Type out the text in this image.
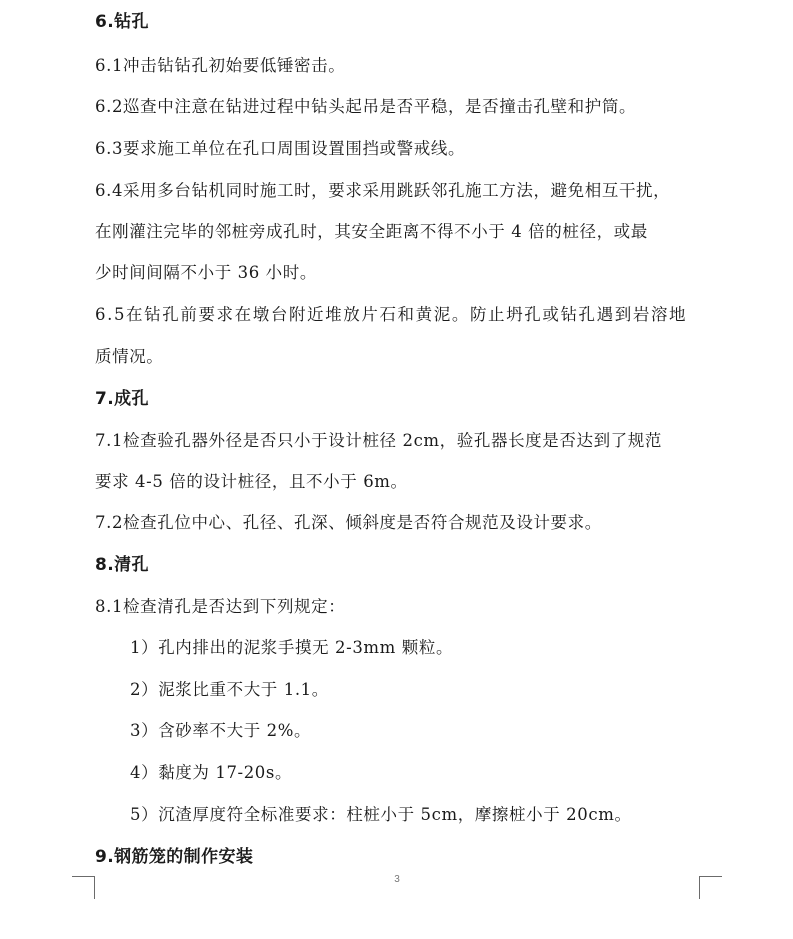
6.钻孔
6.1冲击钻钻孔初始要低锤密击。
6.2巡查中注意在钻进过程中钻头起吊是否平稳，是否撞击孔壁和护筒。
6.3要求施工单位在孔口周围设置围挡或警戒线。
6.4采用多台钻机同时施工时，要求采用跳跃邻孔施工方法，避免相互干扰，
在刚灌注完毕的邻桩旁成孔时，其安全距离不得不小于 4 倍的桩径，或最
少时间间隔不小于 36 小时。
6.5在钻孔前要求在墩台附近堆放片石和黄泥。防止坍孔或钻孔遇到岩溶地
质情况。
7.成孔
7.1检查验孔器外径是否只小于设计桩径 2cm，验孔器长度是否达到了规范
要求 4-5 倍的设计桩径，且不小于 6m。
7.2检查孔位中心、孔径、孔深、倾斜度是否符合规范及设计要求。
8.清孔
8.1检查清孔是否达到下列规定：
1）孔内排出的泥浆手摸无 2-3mm 颗粒。
2）泥浆比重不大于 1.1。
3）含砂率不大于 2%。
4）黏度为 17-20s。
5）沉渣厚度符全标准要求：柱桩小于 5cm，摩擦桩小于 20cm。
9.钢筋笼的制作安装
3
